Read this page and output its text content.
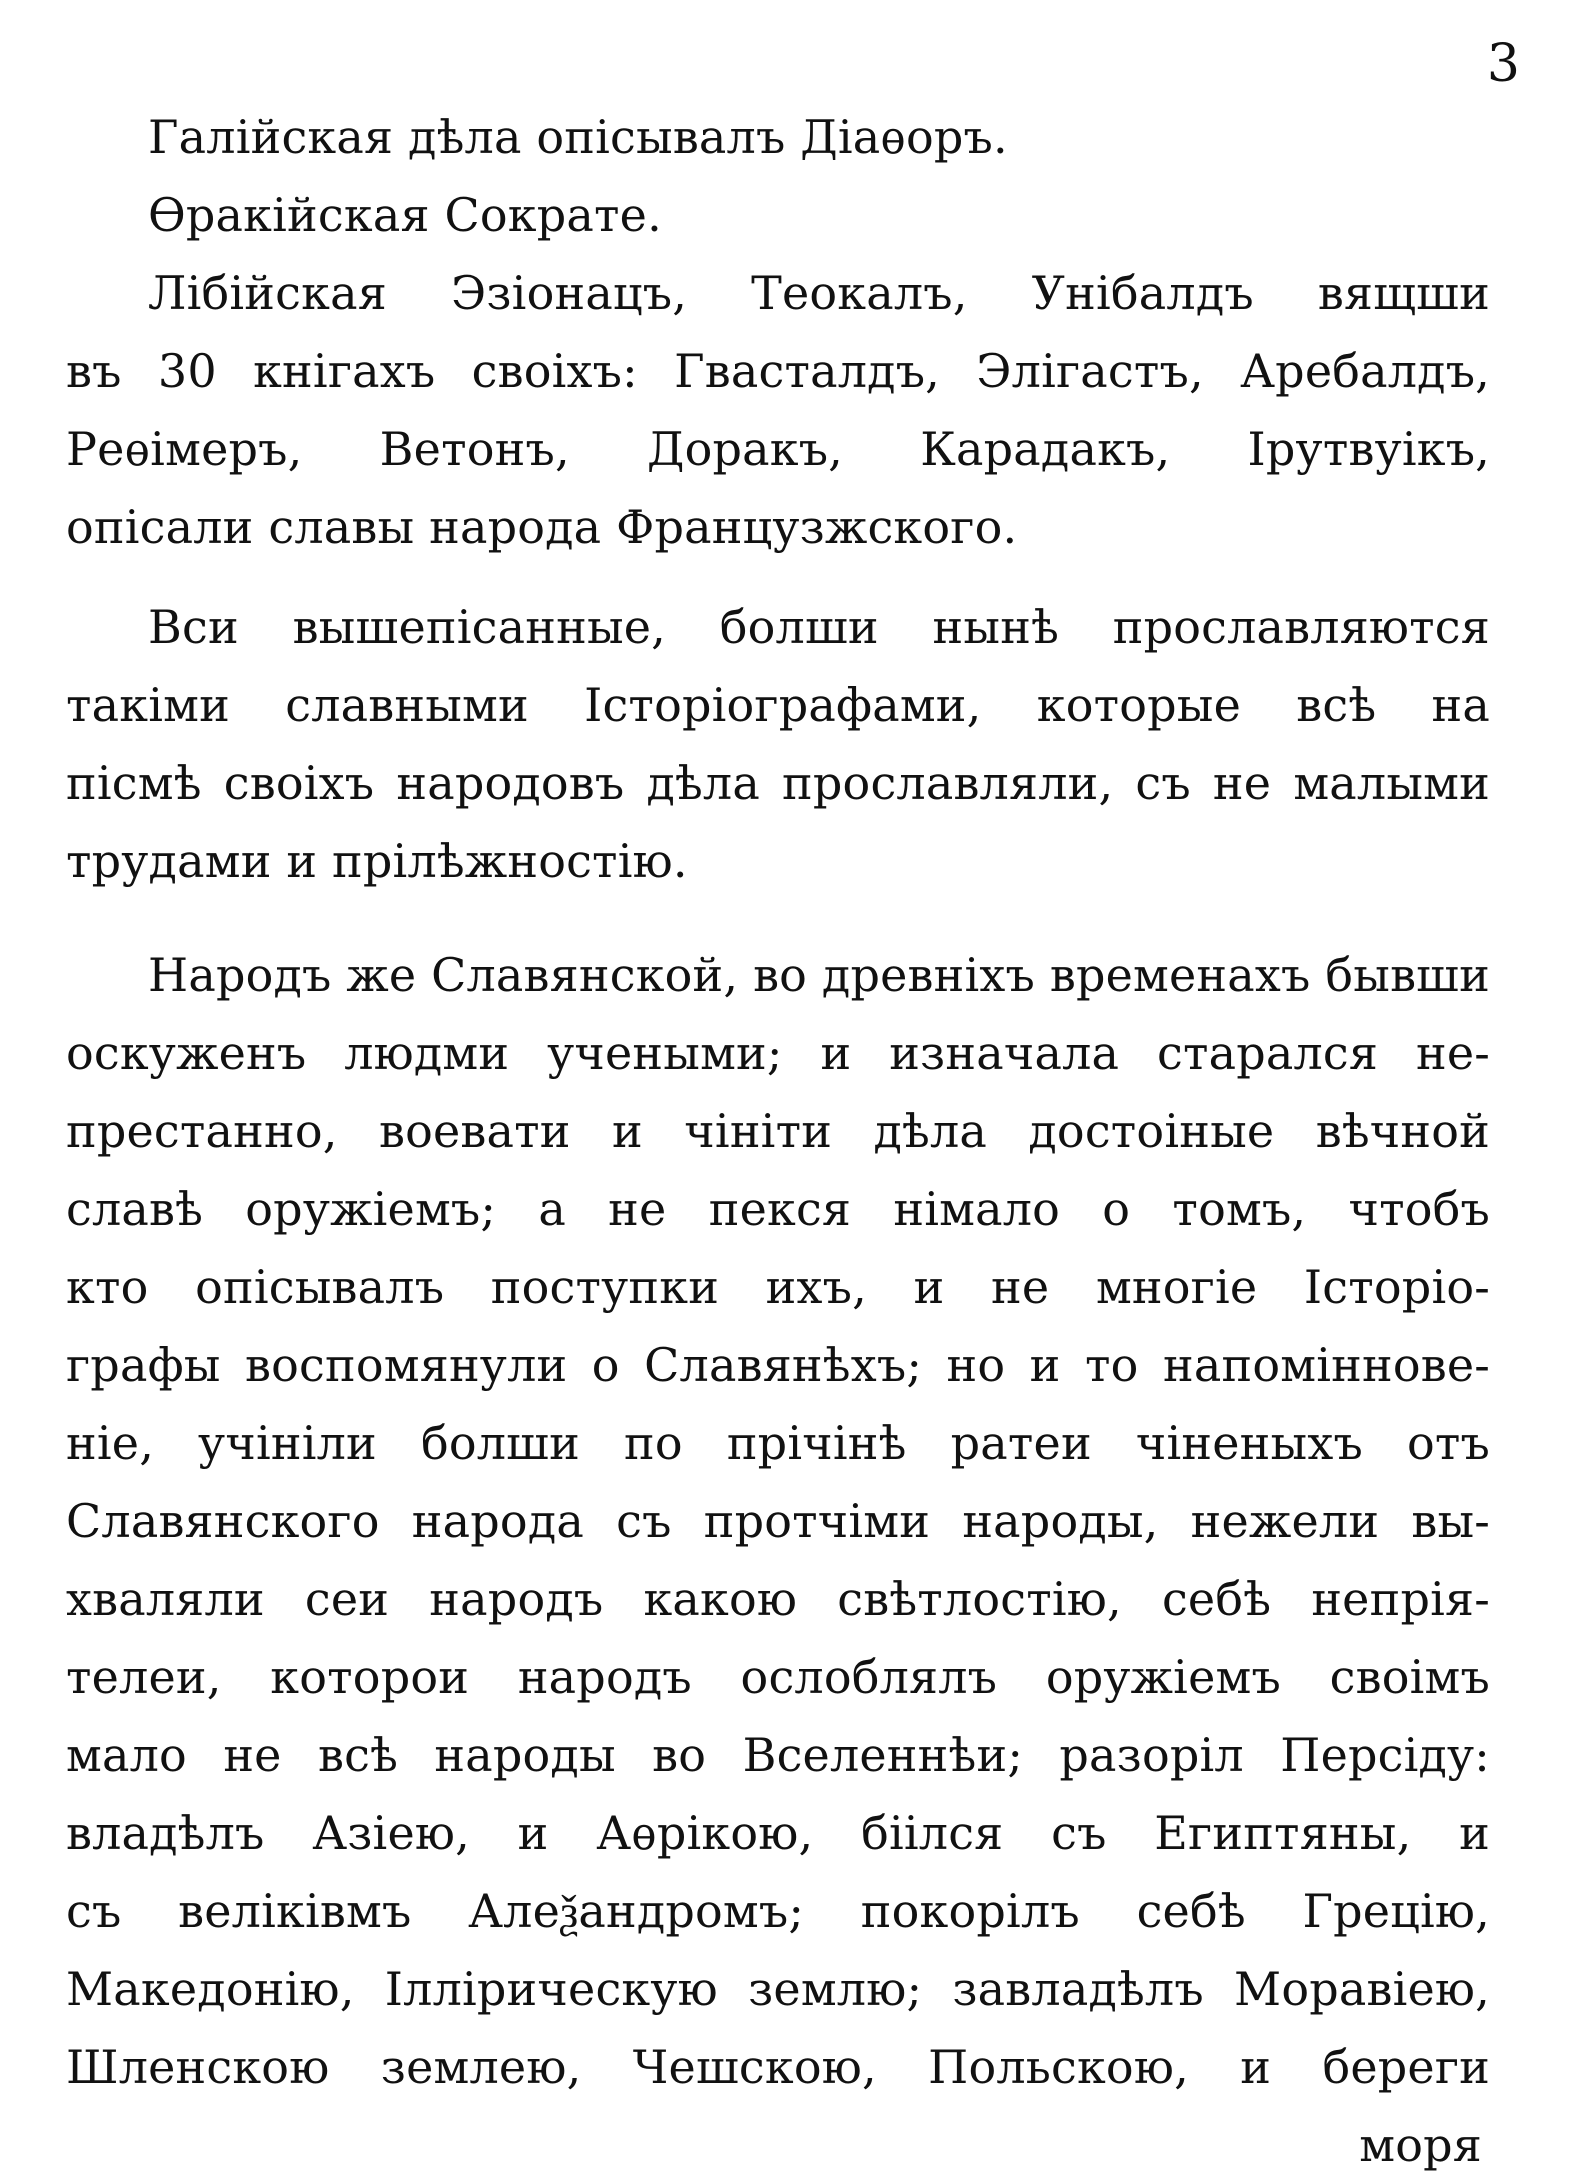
3
Галійская дѣла опісывалъ Діаѳоръ.
Ѳракійская Сократе.
Лібійская Эзіонацъ, Теокалъ, Унібалдъ вящши
въ 30 кнігахъ своіхъ: Гвасталдъ, Элігастъ, Аребалдъ,
Реѳімеръ, Ветонъ, Доракъ, Карадакъ, Ірутвуікъ,
опісали славы народа Французжского.
Вси вышепісанные, болши нынѣ прославляются
такіми славными Історіографами, которые всѣ на
пісмѣ своіхъ народовъ дѣла прославляли, съ не малыми
трудами и прілѣжностію.
Народъ же Славянской, во древніхъ временахъ бывши
оскуженъ людми учеными; и изначала старался не-
престанно, воевати и чініти дѣла достоіные вѣчной
славѣ оружіемъ; а не пекся німало о томъ, чтобъ
кто опісывалъ поступки ихъ, и не многіе Історіо-
графы воспомянули о Славянѣхъ; но и то напоміннове-
ніе, учініли болши по прічінѣ ратеи чіненыхъ отъ
Славянского народа съ протчіми народы, нежели вы-
хваляли сеи народъ какою свѣтлостію, себѣ непрія-
телеи, которои народъ ослоблялъ оружіемъ своімъ
мало не всѣ народы во Вселеннѣи; разоріл Персіду:
владѣлъ Азіею, и Аѳрікою, біілся съ Египтяны, и
съ веліківмъ Алеѯандромъ; покорілъ себѣ Грецію,
Македонію, Іллірическую землю; завладѣлъ Моравіею,
Шленскою землею, Чешскою, Польскою, и береги
моря
